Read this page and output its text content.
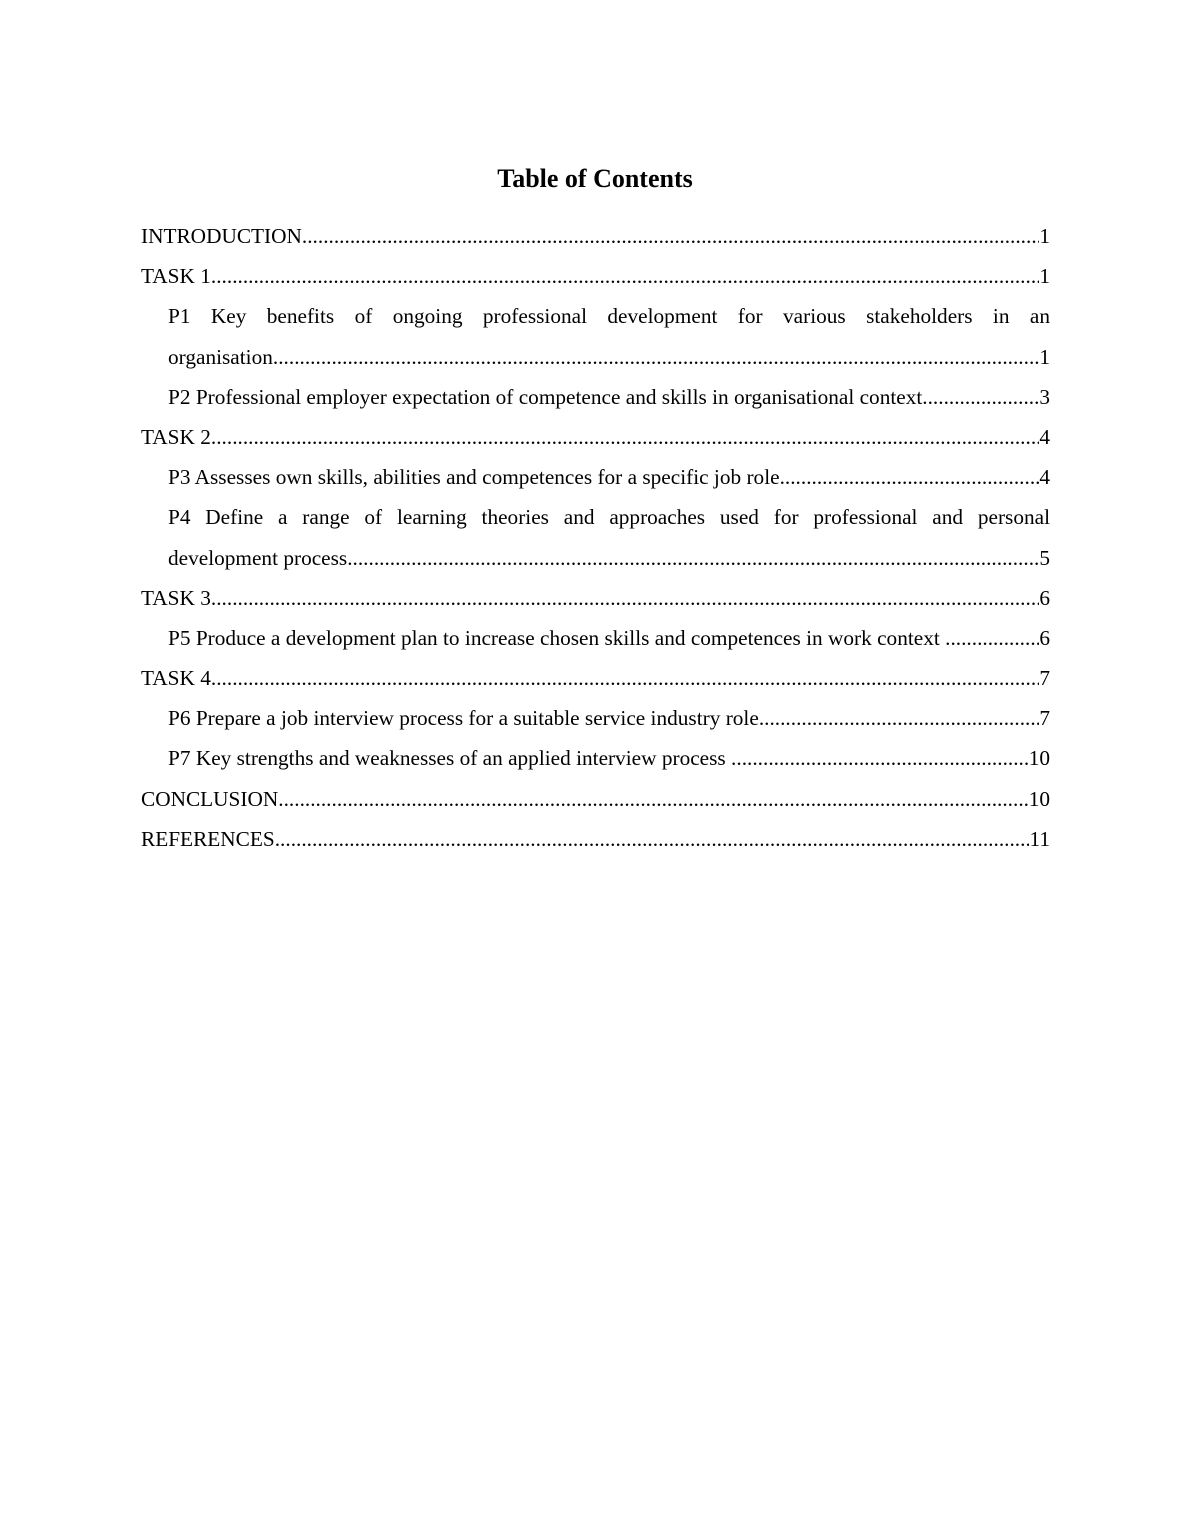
Table of Contents
INTRODUCTION .....	1
TASK 1 .....	1
P1 Key benefits of ongoing professional development for various stakeholders in an
organisation .....	1
P2 Professional employer expectation of competence and skills in organisational context .....	3
TASK 2 .....	4
P3 Assesses own skills, abilities and competences for a specific job role .....	4
P4 Define a range of learning theories and approaches used for professional and personal
development process .....	5
TASK 3 .....	6
P5 Produce a development plan to increase chosen skills and competences in work context .....	6
TASK 4 .....	7
P6 Prepare a job interview process for a suitable service industry role .....	7
P7 Key strengths and weaknesses of an applied interview process .....	10
CONCLUSION .....	10
REFERENCES .....	11
